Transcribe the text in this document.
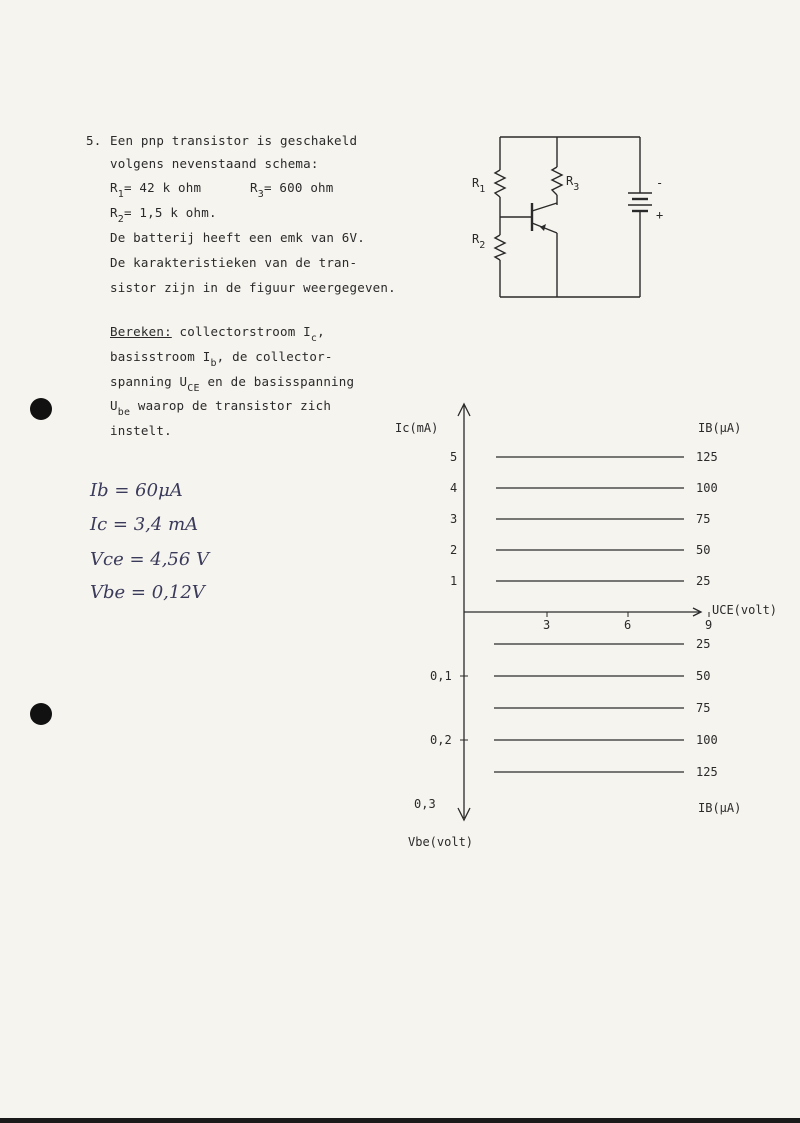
5. Een pnp transistor is geschakeld
volgens nevenstaand schema:
$R_1= 42$ k ohm	$R_3= 600$ ohm
$R_2= 1,5$ k ohm.
De batterij heeft een emk van 6V.
De karakteristieken van de tran-
sistor zijn in de figuur weergegeven.
Bereken: collectorstroom $I_c$,
basisstroom $I_b$, de collector-
spanning $U_{CE}$ en de basisspanning
$U_{be}$ waarop de transistor zich
instelt.
Ib = 60μA
Ic = 3,4 mA
Vce = 4,56 V
Vbe = 0,12V
$R_1$
$R_2$
$R_3$	-
+
Ic(mA)	IB(μA)
UCE(volt)
Vbe(volt)
IB(μA)
5
4
3
2
1
3	6	9
125
100
75
50
25
0,1
0,2
0,3
25
50
75
100
125
